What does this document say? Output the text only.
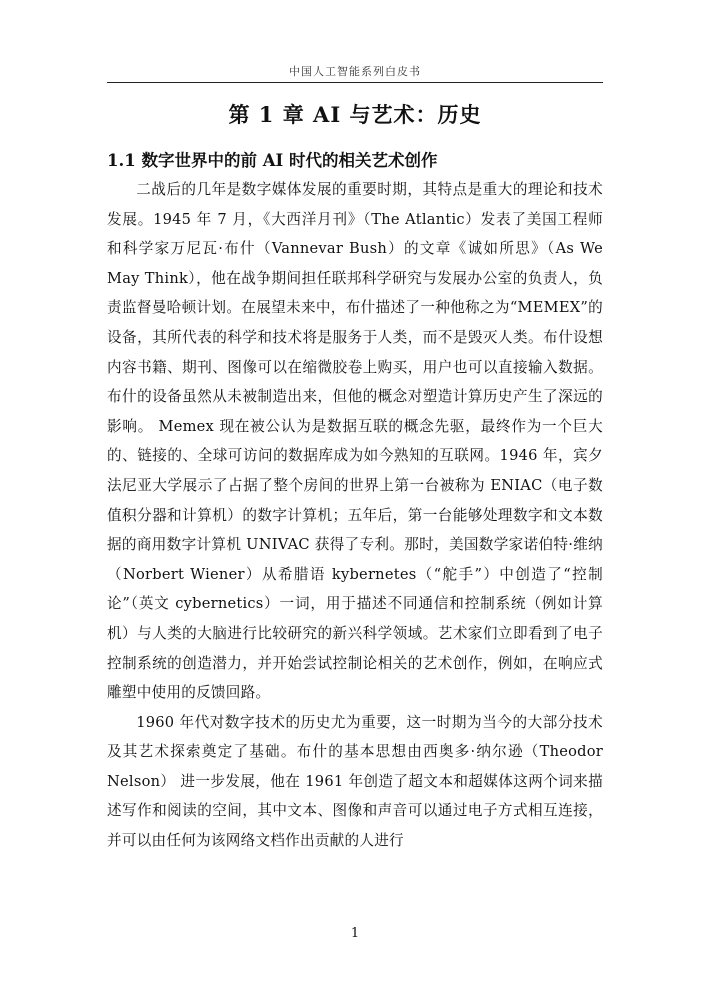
中国人工智能系列白皮书
第 1 章 AI 与艺术：历史
1.1 数字世界中的前 AI 时代的相关艺术创作

二战后的几年是数字媒体发展的重要时期，其特点是重大的理论和技术发展。1945 年 7 月，《大西洋月刊》（The Atlantic）发表了美国工程师和科学家万尼瓦·布什（Vannevar Bush）的文章《诚如所思》（As We May Think），他在战争期间担任联邦科学研究与发展办公室的负责人，负责监督曼哈顿计划。在展望未来中，布什描述了一种他称之为“MEMEX”的设备，其所代表的科学和技术将是服务于人类，而不是毁灭人类。布什设想内容书籍、期刊、图像可以在缩微胶卷上购买，用户也可以直接输入数据。布什的设备虽然从未被制造出来，但他的概念对塑造计算历史产生了深远的影响。 Memex 现在被公认为是数据互联的概念先驱，最终作为一个巨大的、链接的、全球可访问的数据库成为如今熟知的互联网。1946 年，宾夕法尼亚大学展示了占据了整个房间的世界上第一台被称为 ENIAC（电子数值积分器和计算机）的数字计算机；五年后，第一台能够处理数字和文本数据的商用数字计算机 UNIVAC 获得了专利。那时，美国数学家诺伯特·维纳（Norbert Wiener）从希腊语 kybernetes（“舵手”）中创造了“控制论”（英文 cybernetics）一词，用于描述不同通信和控制系统（例如计算机）与人类的大脑进行比较研究的新兴科学领域。艺术家们立即看到了电子控制系统的创造潜力，并开始尝试控制论相关的艺术创作，例如，在响应式雕塑中使用的反馈回路。

1960 年代对数字技术的历史尤为重要，这一时期为当今的大部分技术及其艺术探索奠定了基础。布什的基本思想由西奥多·纳尔逊（Theodor Nelson） 进一步发展，他在 1961 年创造了超文本和超媒体这两个词来描述写作和阅读的空间，其中文本、图像和声音可以通过电子方式相互连接，并可以由任何为该网络文档作出贡献的人进行

1
